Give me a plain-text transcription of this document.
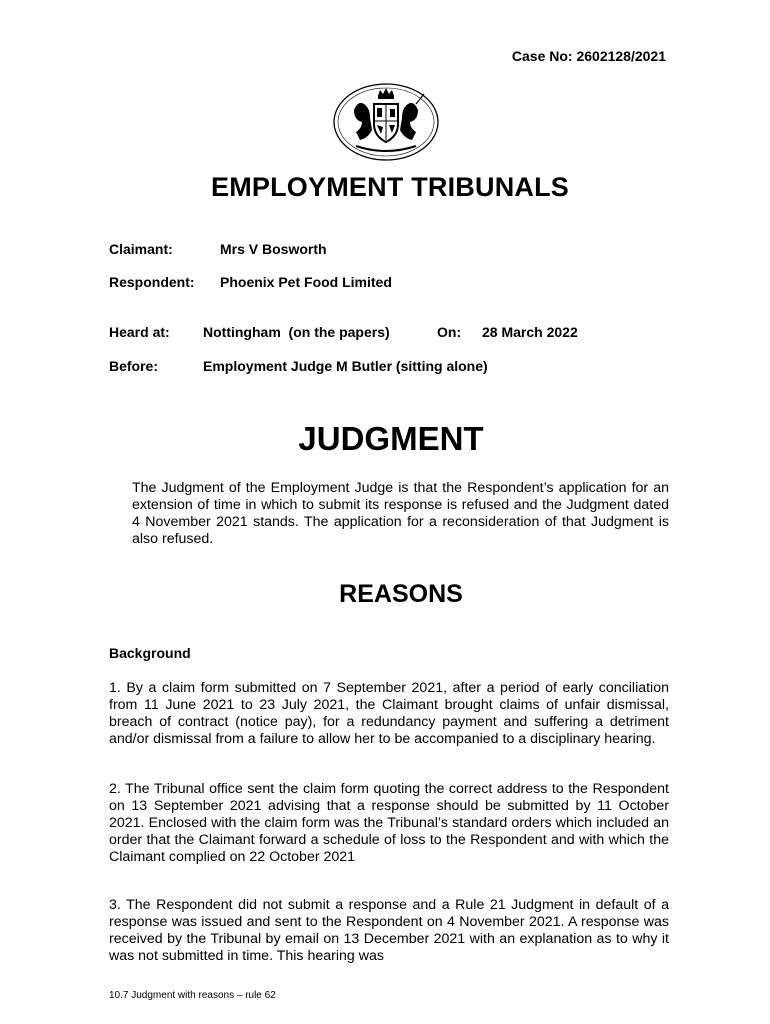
Case No: 2602128/2021
EMPLOYMENT TRIBUNALS
Claimant:	Mrs V Bosworth
Respondent: Phoenix Pet Food Limited
Heard at: Nottingham  (on the papers)	On: 28 March 2022
Before:	Employment Judge M Butler (sitting alone)
JUDGMENT
The Judgment of the Employment Judge is that the Respondent’s application for an extension of time in which to submit its response is refused and the Judgment dated 4 November 2021 stands. The application for a reconsideration of that Judgment is also refused.
REASONS
Background
1. By a claim form submitted on 7 September 2021, after a period of early conciliation from 11 June 2021 to 23 July 2021, the Claimant brought claims of unfair dismissal, breach of contract (notice pay), for a redundancy payment and suffering a detriment and/or dismissal from a failure to allow her to be accompanied to a disciplinary hearing.
2. The Tribunal office sent the claim form quoting the correct address to the Respondent on 13 September 2021 advising that a response should be submitted by 11 October 2021. Enclosed with the claim form was the Tribunal’s standard orders which included an order that the Claimant forward a schedule of loss to the Respondent and with which the Claimant complied on 22 October 2021
3. The Respondent did not submit a response and a Rule 21 Judgment in default of a response was issued and sent to the Respondent on 4 November 2021. A response was received by the Tribunal by email on 13 December 2021 with an explanation as to why it was not submitted in time. This hearing was
10.7 Judgment with reasons – rule 62
